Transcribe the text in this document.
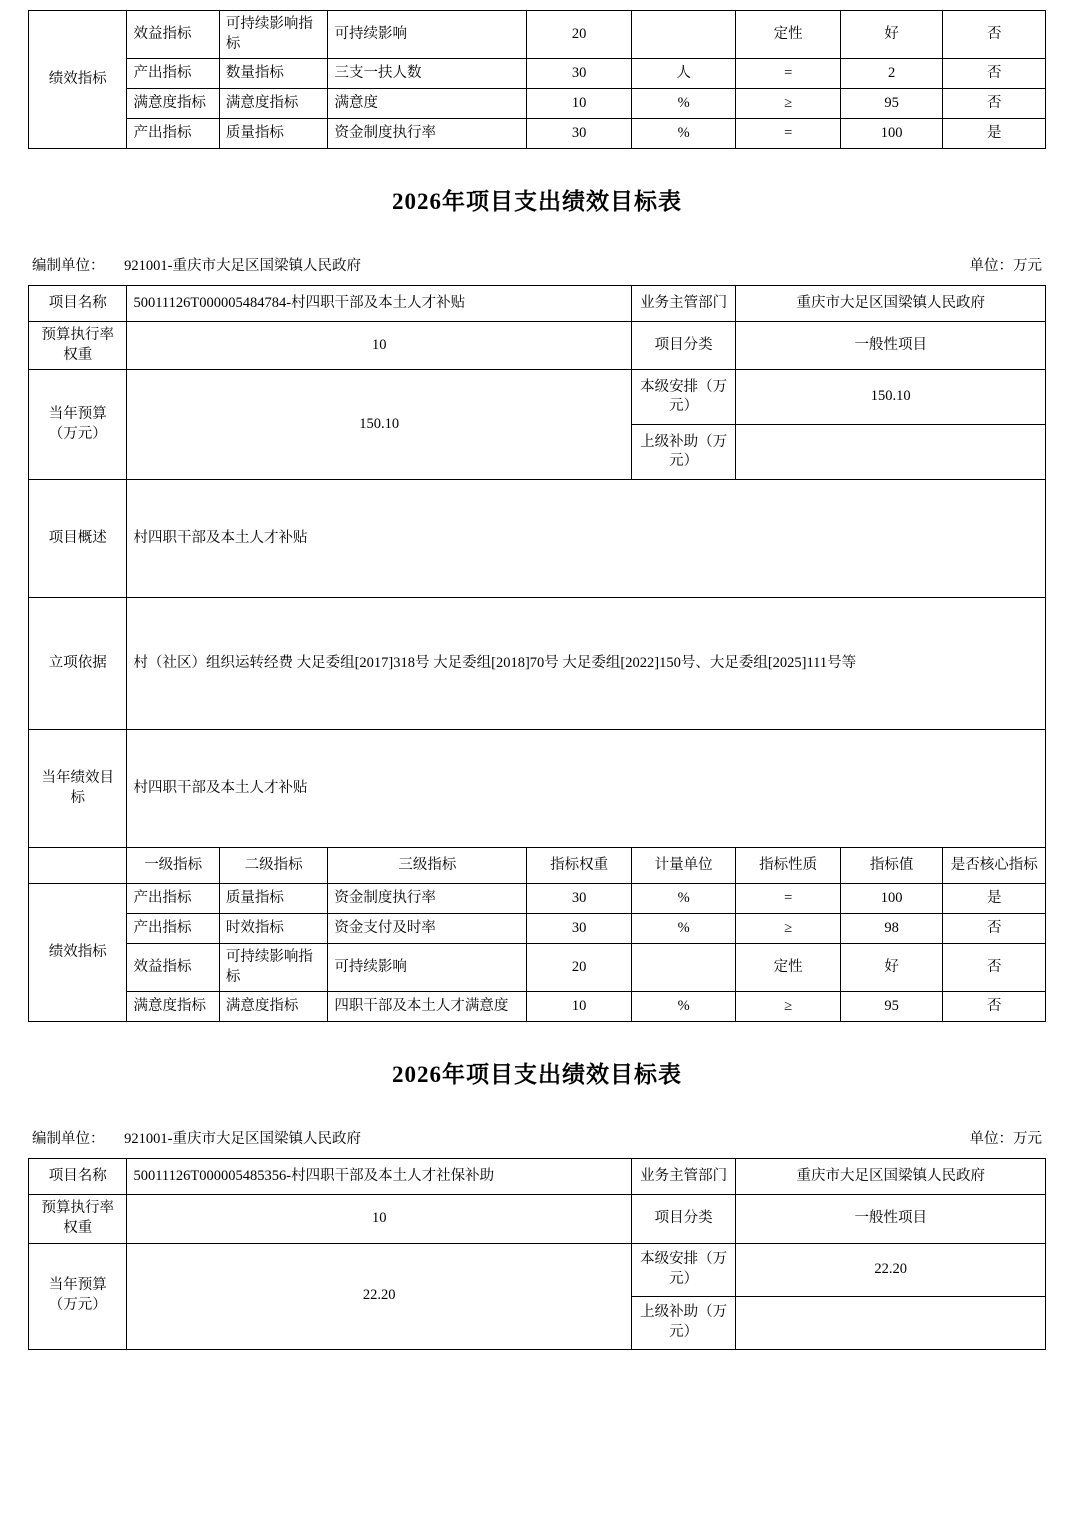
绩效指标	效益指标	可持续影响指标	可持续影响	20		定性	好	否
	产出指标	数量指标	三支一扶人数	30	人	=	2	否
	满意度指标	满意度指标	满意度	10	%	≥	95	否
	产出指标	质量指标	资金制度执行率	30	%	=	100	是
2026年项目支出绩效目标表
编制单位： 921001-重庆市大足区国梁镇人民政府	单位：万元
项目名称	50011126T000005484784-村四职干部及本土人才补贴				业务主管部门	重庆市大足区国梁镇人民政府		
预算执行率权重	10				项目分类	一般性项目		
当年预算（万元）	150.10				本级安排（万元）	150.10		
					上级补助（万元）			
项目概述	村四职干部及本土人才补贴							
立项依据	村（社区）组织运转经费 大足委组[2017]318号 大足委组[2018]70号 大足委组[2022]150号、大足委组[2025]111号等							
当年绩效目标	村四职干部及本土人才补贴							
	一级指标	二级指标	三级指标	指标权重	计量单位	指标性质	指标值	是否核心指标
绩效指标	产出指标	质量指标	资金制度执行率	30	%	=	100	是
	产出指标	时效指标	资金支付及时率	30	%	≥	98	否
	效益指标	可持续影响指标	可持续影响	20		定性	好	否
	满意度指标	满意度指标	四职干部及本土人才满意度	10	%	≥	95	否
2026年项目支出绩效目标表
编制单位： 921001-重庆市大足区国梁镇人民政府	单位：万元
项目名称	50011126T000005485356-村四职干部及本土人才社保补助	业务主管部门	重庆市大足区国梁镇人民政府
预算执行率权重	10	项目分类	一般性项目
当年预算（万元）	22.20	本级安排（万元）	22.20
		上级补助（万元）	
